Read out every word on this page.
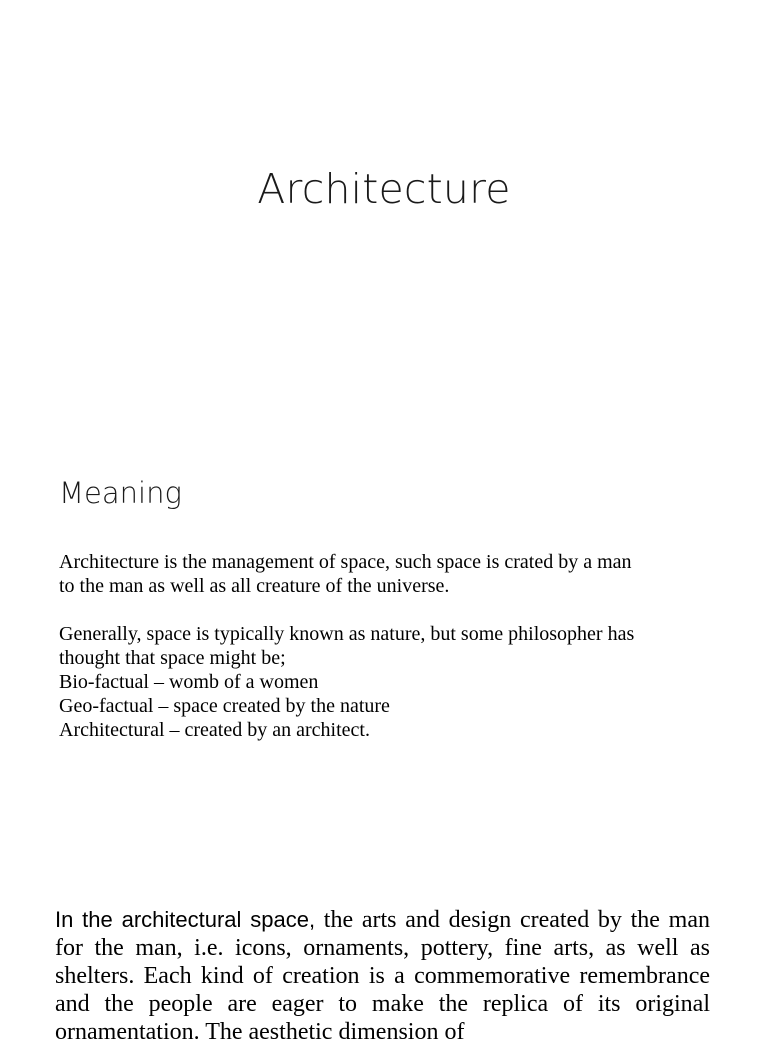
Architecture
Meaning
Architecture is the management of space, such space is crated by a man
to the man as well as all creature of the universe.
Generally, space is typically known as nature, but some philosopher has
thought that space might be;
Bio-factual – womb of a women
Geo-factual – space created by the nature
Architectural – created by an architect.
In the architectural space, the arts and design created by the man for the man, i.e. icons, ornaments, pottery, fine arts, as well as shelters. Each kind of creation is a commemorative remembrance and the people are eager to make the replica of its original ornamentation. The aesthetic dimension of
